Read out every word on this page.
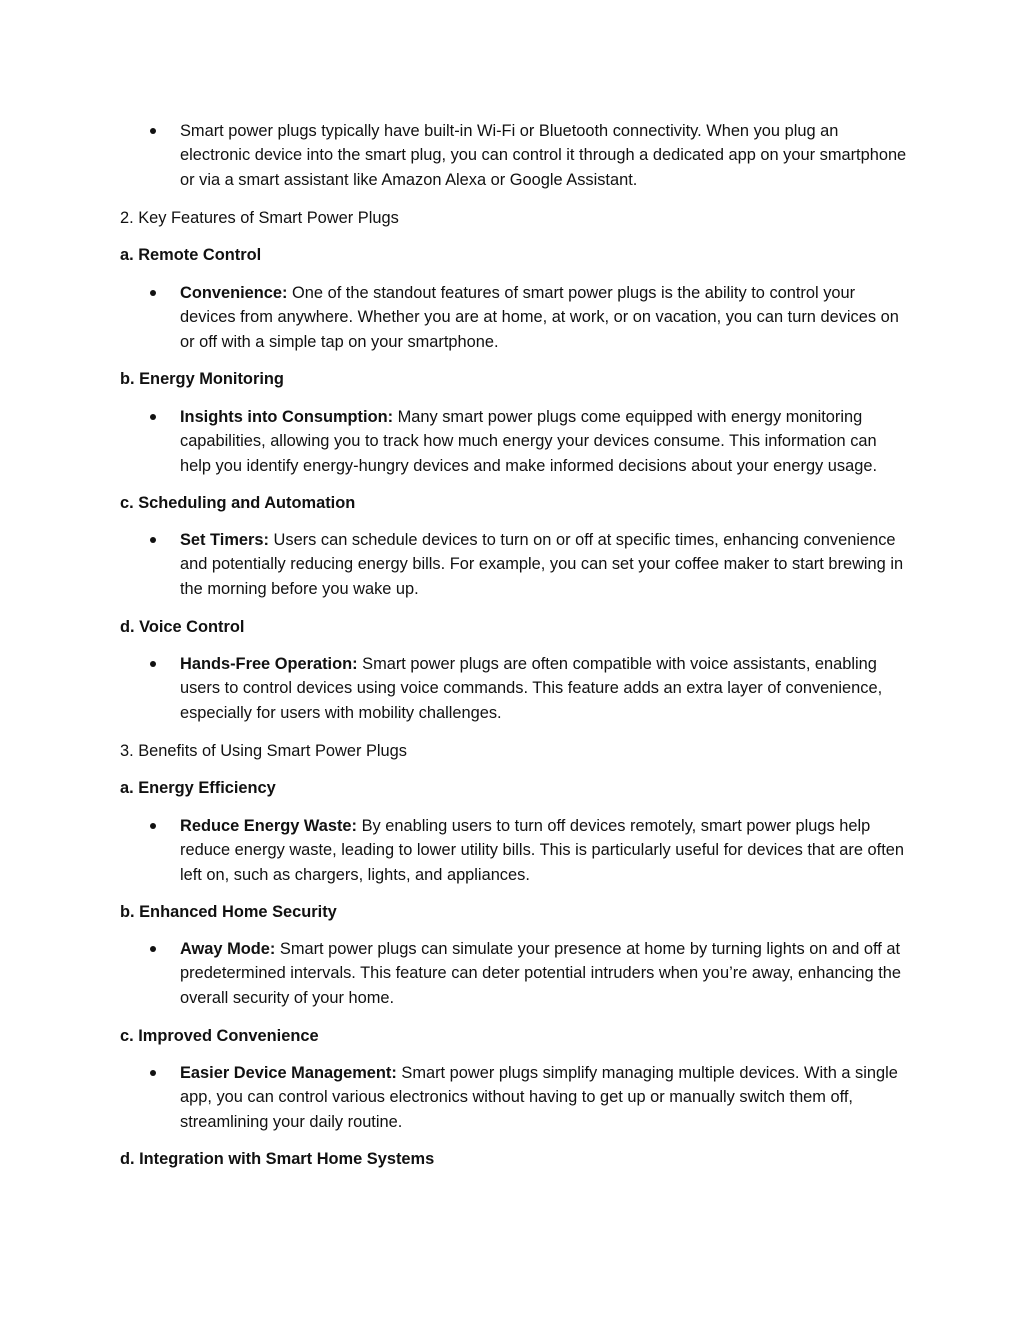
Smart power plugs typically have built-in Wi-Fi or Bluetooth connectivity. When you plug an electronic device into the smart plug, you can control it through a dedicated app on your smartphone or via a smart assistant like Amazon Alexa or Google Assistant.
2. Key Features of Smart Power Plugs
a. Remote Control
Convenience: One of the standout features of smart power plugs is the ability to control your devices from anywhere. Whether you are at home, at work, or on vacation, you can turn devices on or off with a simple tap on your smartphone.
b. Energy Monitoring
Insights into Consumption: Many smart power plugs come equipped with energy monitoring capabilities, allowing you to track how much energy your devices consume. This information can help you identify energy-hungry devices and make informed decisions about your energy usage.
c. Scheduling and Automation
Set Timers: Users can schedule devices to turn on or off at specific times, enhancing convenience and potentially reducing energy bills. For example, you can set your coffee maker to start brewing in the morning before you wake up.
d. Voice Control
Hands-Free Operation: Smart power plugs are often compatible with voice assistants, enabling users to control devices using voice commands. This feature adds an extra layer of convenience, especially for users with mobility challenges.
3. Benefits of Using Smart Power Plugs
a. Energy Efficiency
Reduce Energy Waste: By enabling users to turn off devices remotely, smart power plugs help reduce energy waste, leading to lower utility bills. This is particularly useful for devices that are often left on, such as chargers, lights, and appliances.
b. Enhanced Home Security
Away Mode: Smart power plugs can simulate your presence at home by turning lights on and off at predetermined intervals. This feature can deter potential intruders when you’re away, enhancing the overall security of your home.
c. Improved Convenience
Easier Device Management: Smart power plugs simplify managing multiple devices. With a single app, you can control various electronics without having to get up or manually switch them off, streamlining your daily routine.
d. Integration with Smart Home Systems
